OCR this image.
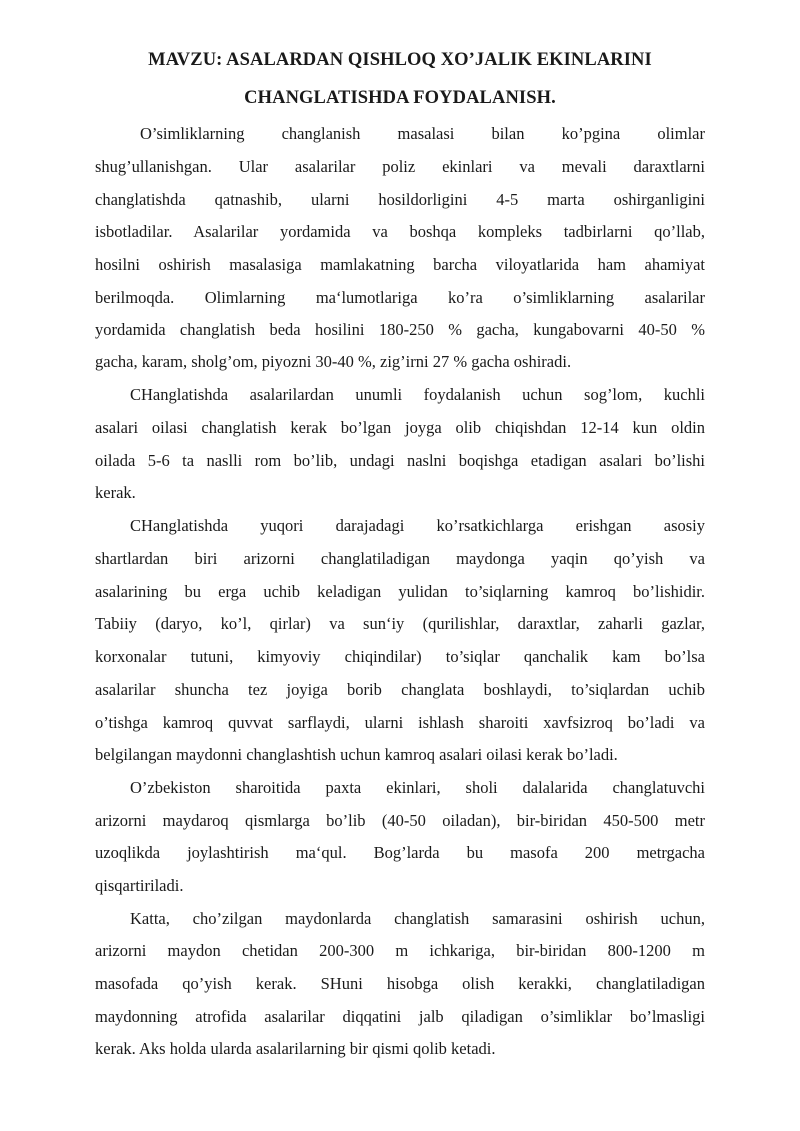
MAVZU: ASALARDAN QISHLOQ XO’JALIK EKINLARINI
CHANGLATISHDA FOYDALANISH.
O’simliklarning changlanish masalasi bilan ko’pgina olimlar
shug’ullanishgan. Ular asalarilar poliz ekinlari va mevali daraxtlarni
changlatishda qatnashib, ularni hosildorligini 4-5 marta oshirganligini
isbotladilar. Asalarilar yordamida va boshqa kompleks tadbirlarni qo’llab,
hosilni oshirish masalasiga mamlakatning barcha viloyatlarida ham ahamiyat
berilmoqda. Olimlarning ma‘lumotlariga ko’ra o’simliklarning asalarilar
yordamida changlatish beda hosilini 180-250 % gacha, kungabovarni 40-50 %
gacha, karam, sholg’om, piyozni 30-40 %, zig’irni 27 % gacha oshiradi.
CHanglatishda asalarilardan unumli foydalanish uchun sog’lom, kuchli
asalari oilasi changlatish kerak bo’lgan joyga olib chiqishdan 12-14 kun oldin
oilada 5-6 ta naslli rom bo’lib, undagi naslni boqishga etadigan asalari bo’lishi
kerak.
CHanglatishda yuqori darajadagi ko’rsatkichlarga erishgan asosiy
shartlardan biri arizorni changlatiladigan maydonga yaqin qo’yish va
asalarining bu erga uchib keladigan yulidan to’siqlarning kamroq bo’lishidir.
Tabiiy (daryo, ko’l, qirlar) va sun‘iy (qurilishlar, daraxtlar, zaharli gazlar,
korxonalar tutuni, kimyoviy chiqindilar) to’siqlar qanchalik kam bo’lsa
asalarilar shuncha tez joyiga borib changlata boshlaydi, to’siqlardan uchib
o’tishga kamroq quvvat sarflaydi, ularni ishlash sharoiti xavfsizroq bo’ladi va
belgilangan maydonni changlashtish uchun kamroq asalari oilasi kerak bo’ladi.
O’zbekiston sharoitida paxta ekinlari, sholi dalalarida changlatuvchi
arizorni maydaroq qismlarga bo’lib (40-50 oiladan), bir-biridan 450-500 metr
uzoqlikda joylashtirish ma‘qul. Bog’larda bu masofa 200 metrgacha
qisqartiriladi.
Katta, cho’zilgan maydonlarda changlatish samarasini oshirish uchun,
arizorni maydon chetidan 200-300 m ichkariga, bir-biridan 800-1200 m
masofada qo’yish kerak. SHuni hisobga olish kerakki, changlatiladigan
maydonning atrofida asalarilar diqqatini jalb qiladigan o’simliklar bo’lmasligi
kerak. Aks holda ularda asalarilarning bir qismi qolib ketadi.
